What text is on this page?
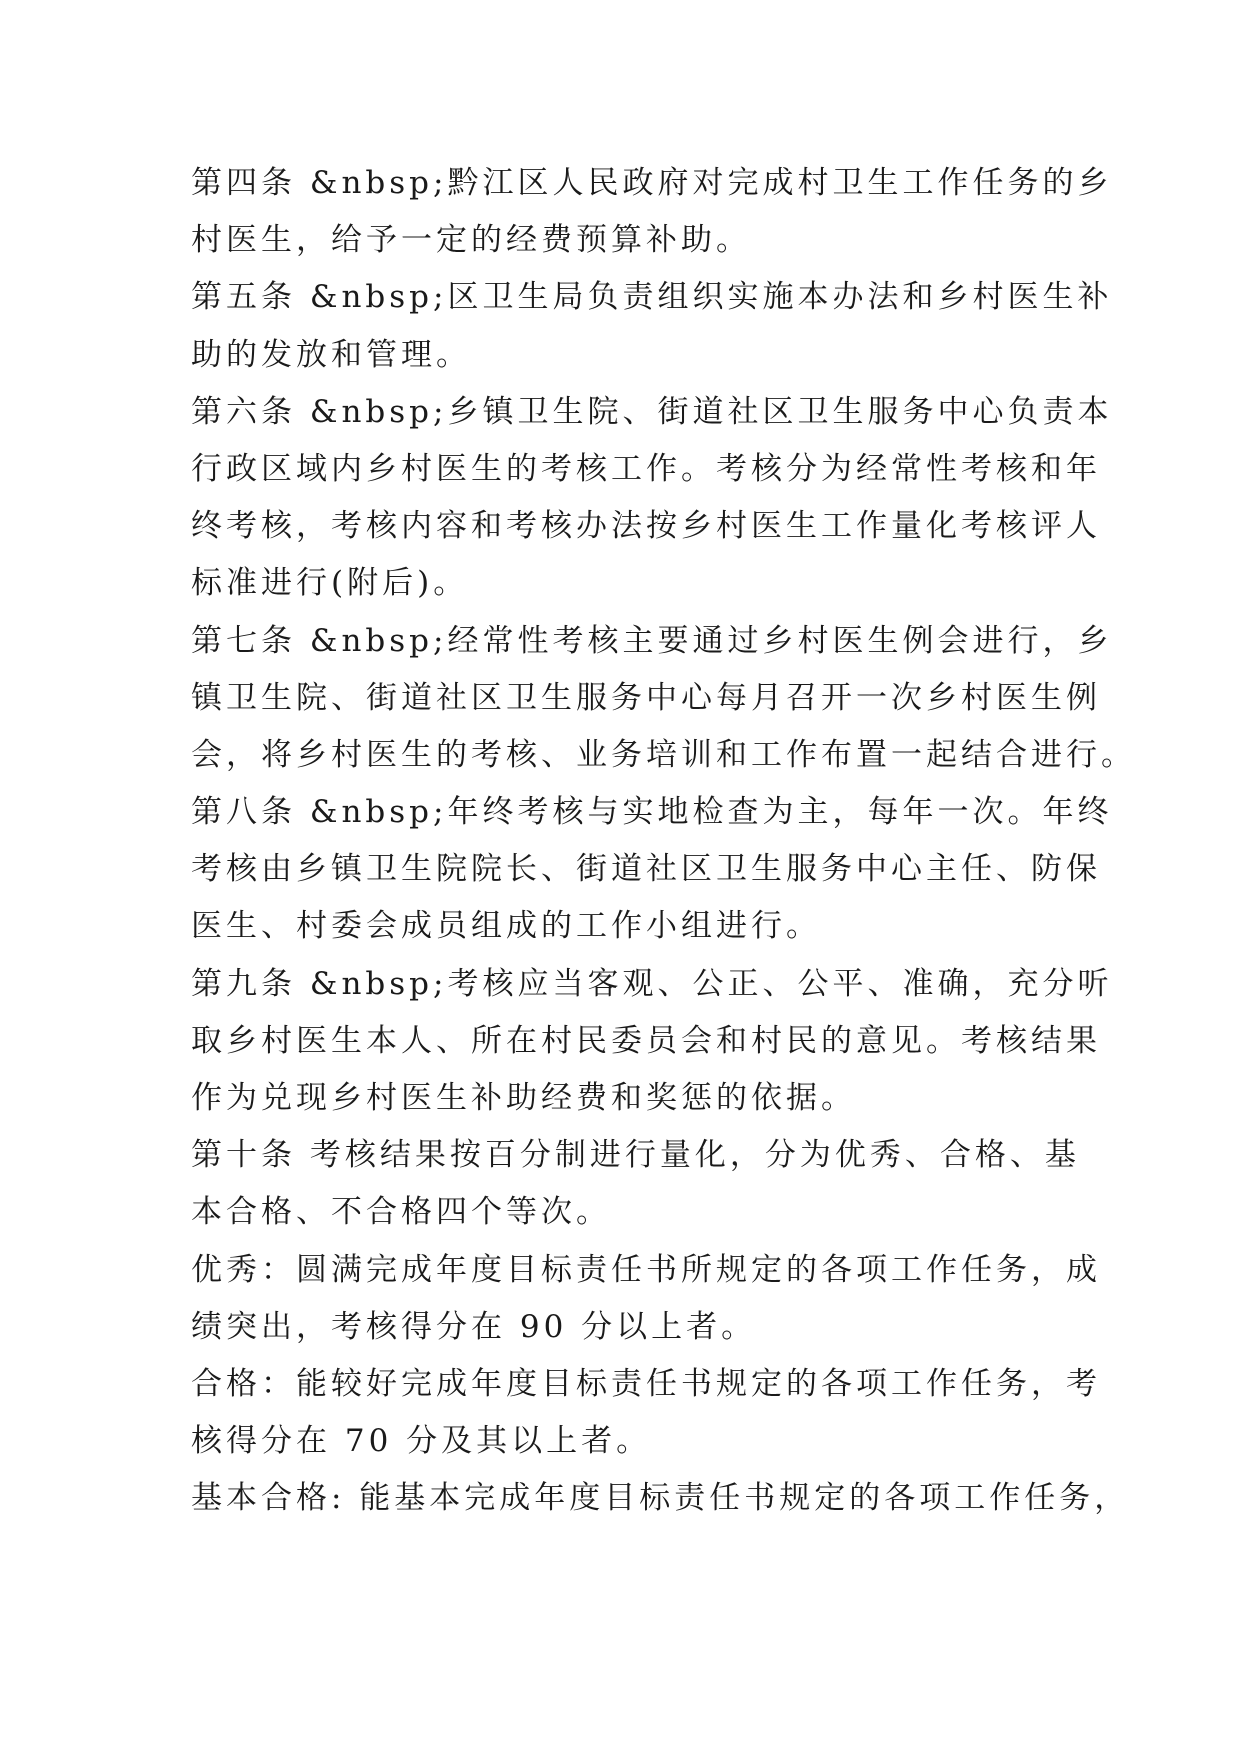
第四条 &nbsp;黔江区人民政府对完成村卫生工作任务的乡
村医生，给予一定的经费预算补助。
第五条 &nbsp;区卫生局负责组织实施本办法和乡村医生补
助的发放和管理。
第六条 &nbsp;乡镇卫生院、街道社区卫生服务中心负责本
行政区域内乡村医生的考核工作。考核分为经常性考核和年
终考核，考核内容和考核办法按乡村医生工作量化考核评人
标准进行(附后)。
第七条 &nbsp;经常性考核主要通过乡村医生例会进行，乡
镇卫生院、街道社区卫生服务中心每月召开一次乡村医生例
会，将乡村医生的考核、业务培训和工作布置一起结合进行。
第八条 &nbsp;年终考核与实地检查为主，每年一次。年终
考核由乡镇卫生院院长、街道社区卫生服务中心主任、防保
医生、村委会成员组成的工作小组进行。
第九条 &nbsp;考核应当客观、公正、公平、准确，充分听
取乡村医生本人、所在村民委员会和村民的意见。考核结果
作为兑现乡村医生补助经费和奖惩的依据。
第十条 考核结果按百分制进行量化，分为优秀、合格、基
本合格、不合格四个等次。
优秀：圆满完成年度目标责任书所规定的各项工作任务，成
绩突出，考核得分在 90 分以上者。
合格：能较好完成年度目标责任书规定的各项工作任务，考
核得分在 70 分及其以上者。
基本合格: 能基本完成年度目标责任书规定的各项工作任务，
